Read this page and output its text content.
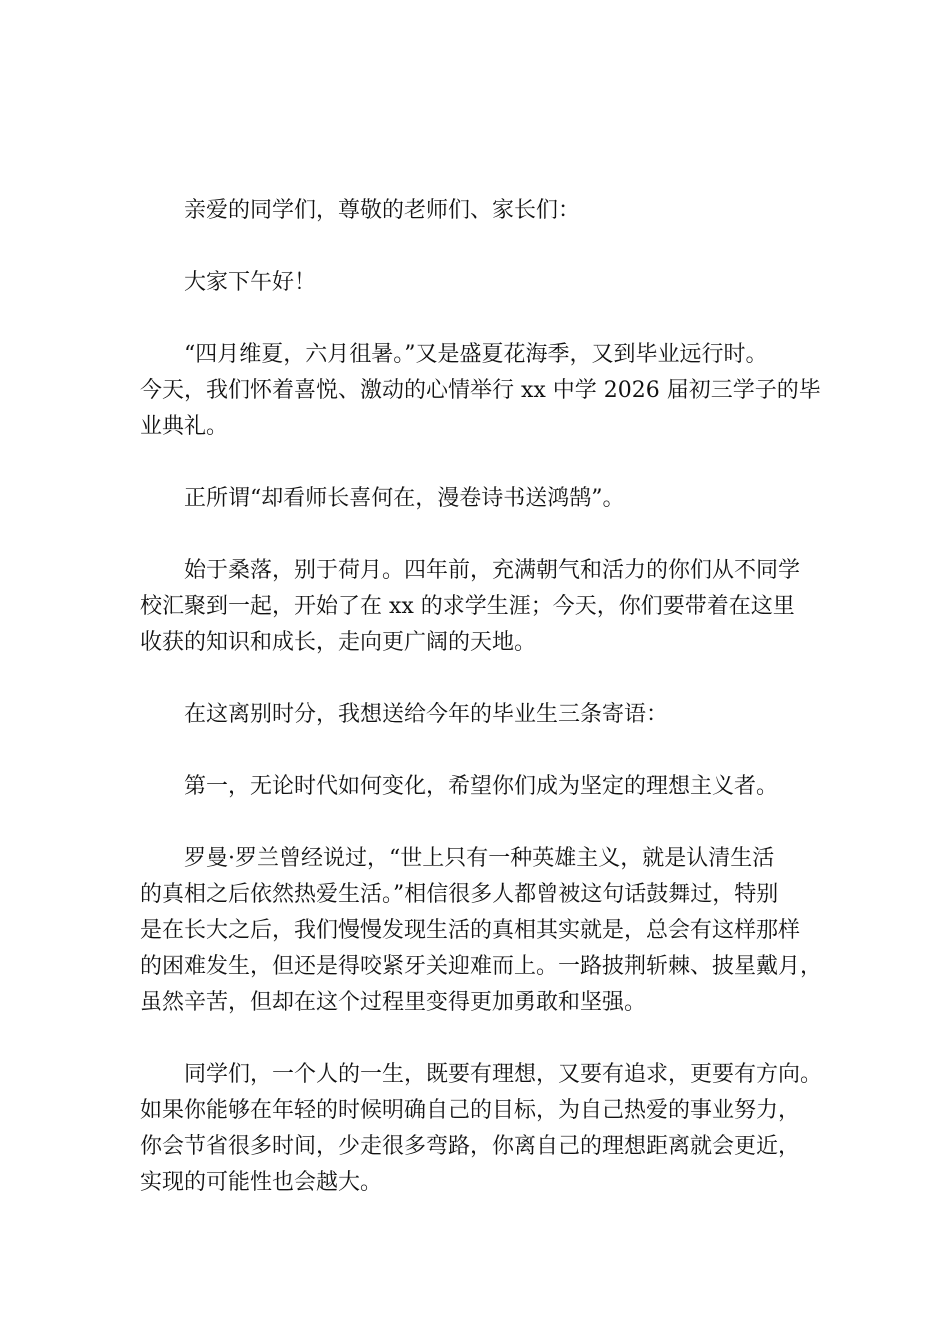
亲爱的同学们，尊敬的老师们、家长们：

大家下午好！

“四月维夏，六月徂暑。”又是盛夏花海季，又到毕业远行时。
今天，我们怀着喜悦、激动的心情举行 xx 中学 2026 届初三学子的毕
业典礼。

正所谓“却看师长喜何在，漫卷诗书送鸿鹄”。

始于桑落，别于荷月。四年前，充满朝气和活力的你们从不同学
校汇聚到一起，开始了在 xx 的求学生涯；今天，你们要带着在这里
收获的知识和成长，走向更广阔的天地。

在这离别时分，我想送给今年的毕业生三条寄语：

第一，无论时代如何变化，希望你们成为坚定的理想主义者。

罗曼·罗兰曾经说过，“世上只有一种英雄主义，就是认清生活
的真相之后依然热爱生活。”相信很多人都曾被这句话鼓舞过，特别
是在长大之后，我们慢慢发现生活的真相其实就是，总会有这样那样
的困难发生，但还是得咬紧牙关迎难而上。一路披荆斩棘、披星戴月，
虽然辛苦，但却在这个过程里变得更加勇敢和坚强。

同学们，一个人的一生，既要有理想，又要有追求，更要有方向。
如果你能够在年轻的时候明确自己的目标，为自己热爱的事业努力，
你会节省很多时间，少走很多弯路，你离自己的理想距离就会更近，
实现的可能性也会越大。
